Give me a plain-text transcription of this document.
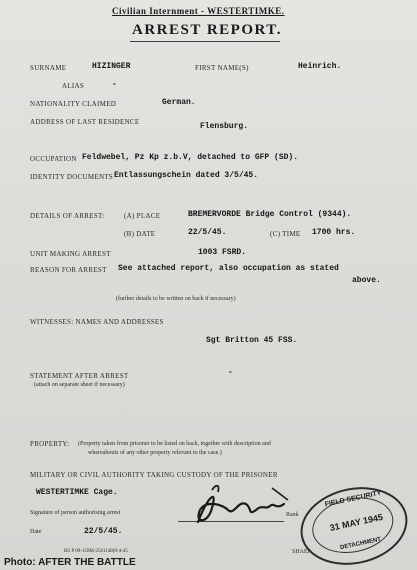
Civilian Internment - WESTERTIMKE.
ARREST REPORT.
SURNAME	HIZINGER	FIRST NAME(S)	Heinrich.
ALIAS	-
NATIONALITY CLAIMED	German.
ADDRESS OF LAST RESIDENCE	Flensburg.
OCCUPATION Feldwebel, Pz Kp z.b.V, detached to GFP (SD).
IDENTITY DOCUMENTS Entlassungschein dated 3/5/45.
DETAILS OF ARREST:	(A) PLACE	BREMERVORDE Bridge Control (9344).
(B) DATE	22/5/45.	(C) TIME 1700 hrs.
UNIT MAKING ARREST	1003 FSRD.
REASON FOR ARREST See attached report, also occupation as stated
above.
(further details to be written on back if necessary)
WITNESSES: NAMES AND ADDRESSES
Sgt Britton 45 FSS.
STATEMENT AFTER ARREST
(attach on separate sheet if necessary)
-
PROPERTY: (Property taken from prisoner to be listed on back, together with description and
whereabouts of any other property relevant to the case.)
MILITARY OR CIVIL AUTHORITY TAKING CUSTODY OF THE PRISONER
WESTERTIMKE Cage.
Signature of person authorising arrest	Rank
Date	22/5/45.
BS P 09-150M-2561148(0-4-45	SHAEF
FIELD SECURITY
31 MAY 1945
DETACHMENT
Photo: AFTER THE BATTLE
